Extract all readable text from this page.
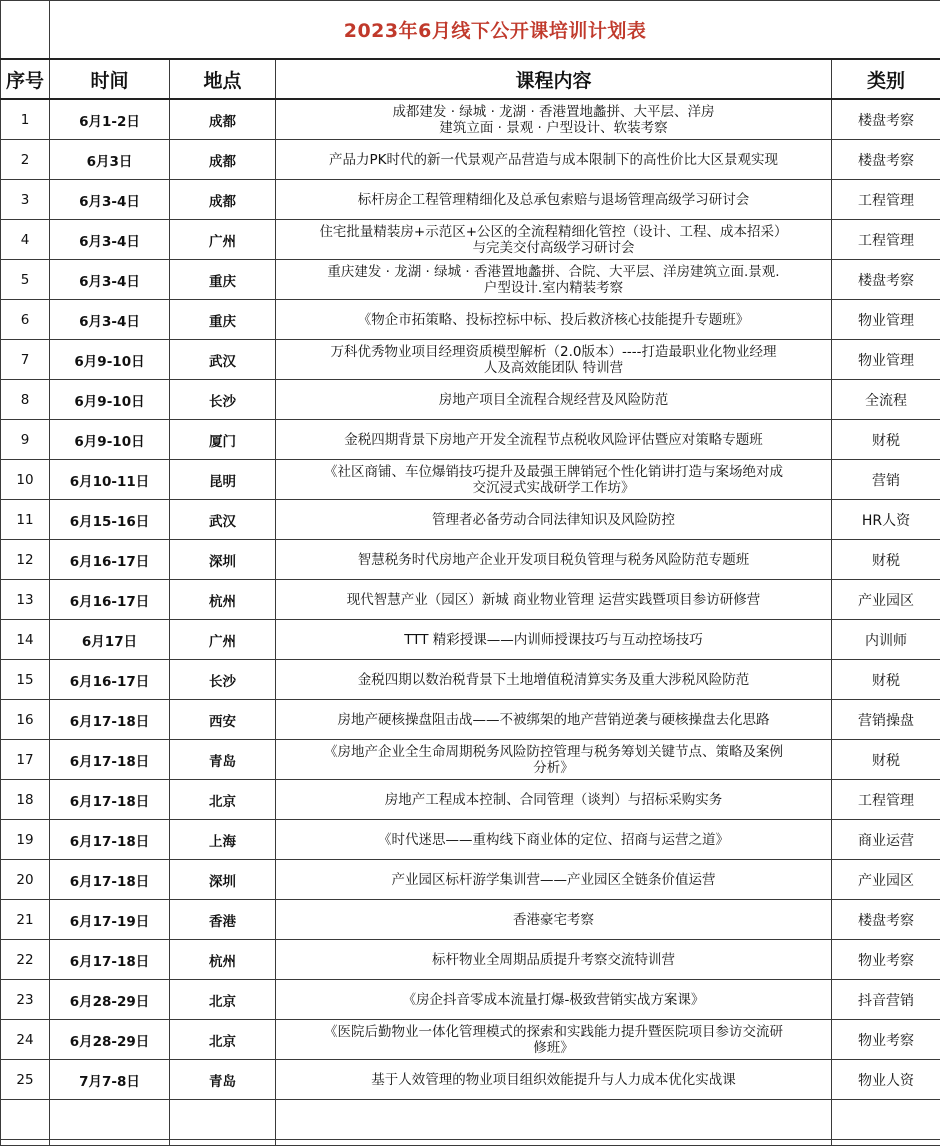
	2023年6月线下公开课培训计划表			
序号	时间	地点	课程内容	类别
1	6月1-2日	成都	成都建发 · 绿城 · 龙湖 · 香港置地蠡拼、大平层、洋房
建筑立面 · 景观 · 户型设计、软装考察	楼盘考察
2	6月3日	成都	产品力PK时代的新一代景观产品营造与成本限制下的高性价比大区景观实现	楼盘考察
3	6月3-4日	成都	标杆房企工程管理精细化及总承包索赔与退场管理高级学习研讨会	工程管理
4	6月3-4日	广州	住宅批量精装房+示范区+公区的全流程精细化管控（设计、工程、成本招采）
与完美交付高级学习研讨会	工程管理
5	6月3-4日	重庆	重庆建发 · 龙湖 · 绿城 · 香港置地蠡拼、合院、大平层、洋房建筑立面.景观.
户型设计.室内精装考察	楼盘考察
6	6月3-4日	重庆	《物企市拓策略、投标控标中标、投后救济核心技能提升专题班》	物业管理
7	6月9-10日	武汉	万科优秀物业项目经理资质模型解析（2.0版本）----打造最职业化物业经理
人及高效能团队 特训营	物业管理
8	6月9-10日	长沙	房地产项目全流程合规经营及风险防范	全流程
9	6月9-10日	厦门	金税四期背景下房地产开发全流程节点税收风险评估暨应对策略专题班	财税
10	6月10-11日	昆明	《社区商铺、车位爆销技巧提升及最强王牌销冠个性化销讲打造与案场绝对成
交沉浸式实战研学工作坊》	营销
11	6月15-16日	武汉	管理者必备劳动合同法律知识及风险防控	HR人资
12	6月16-17日	深圳	智慧税务时代房地产企业开发项目税负管理与税务风险防范专题班	财税
13	6月16-17日	杭州	现代智慧产业（园区）新城 商业物业管理 运营实践暨项目参访研修营	产业园区
14	6月17日	广州	TTT 精彩授课——内训师授课技巧与互动控场技巧	内训师
15	6月16-17日	长沙	金税四期以数治税背景下土地增值税清算实务及重大涉税风险防范	财税
16	6月17-18日	西安	房地产硬核操盘阻击战——不被绑架的地产营销逆袭与硬核操盘去化思路	营销操盘
17	6月17-18日	青岛	《房地产企业全生命周期税务风险防控管理与税务筹划关键节点、策略及案例
分析》	财税
18	6月17-18日	北京	房地产工程成本控制、合同管理（谈判）与招标采购实务	工程管理
19	6月17-18日	上海	《时代迷思——重构线下商业体的定位、招商与运营之道》	商业运营
20	6月17-18日	深圳	产业园区标杆游学集训营——产业园区全链条价值运营	产业园区
21	6月17-19日	香港	香港豪宅考察	楼盘考察
22	6月17-18日	杭州	标杆物业全周期品质提升考察交流特训营	物业考察
23	6月28-29日	北京	《房企抖音零成本流量打爆-极致营销实战方案课》	抖音营销
24	6月28-29日	北京	《医院后勤物业一体化管理模式的探索和实践能力提升暨医院项目参访交流研
修班》	物业考察
25	7月7-8日	青岛	基于人效管理的物业项目组织效能提升与人力成本优化实战课	物业人资
